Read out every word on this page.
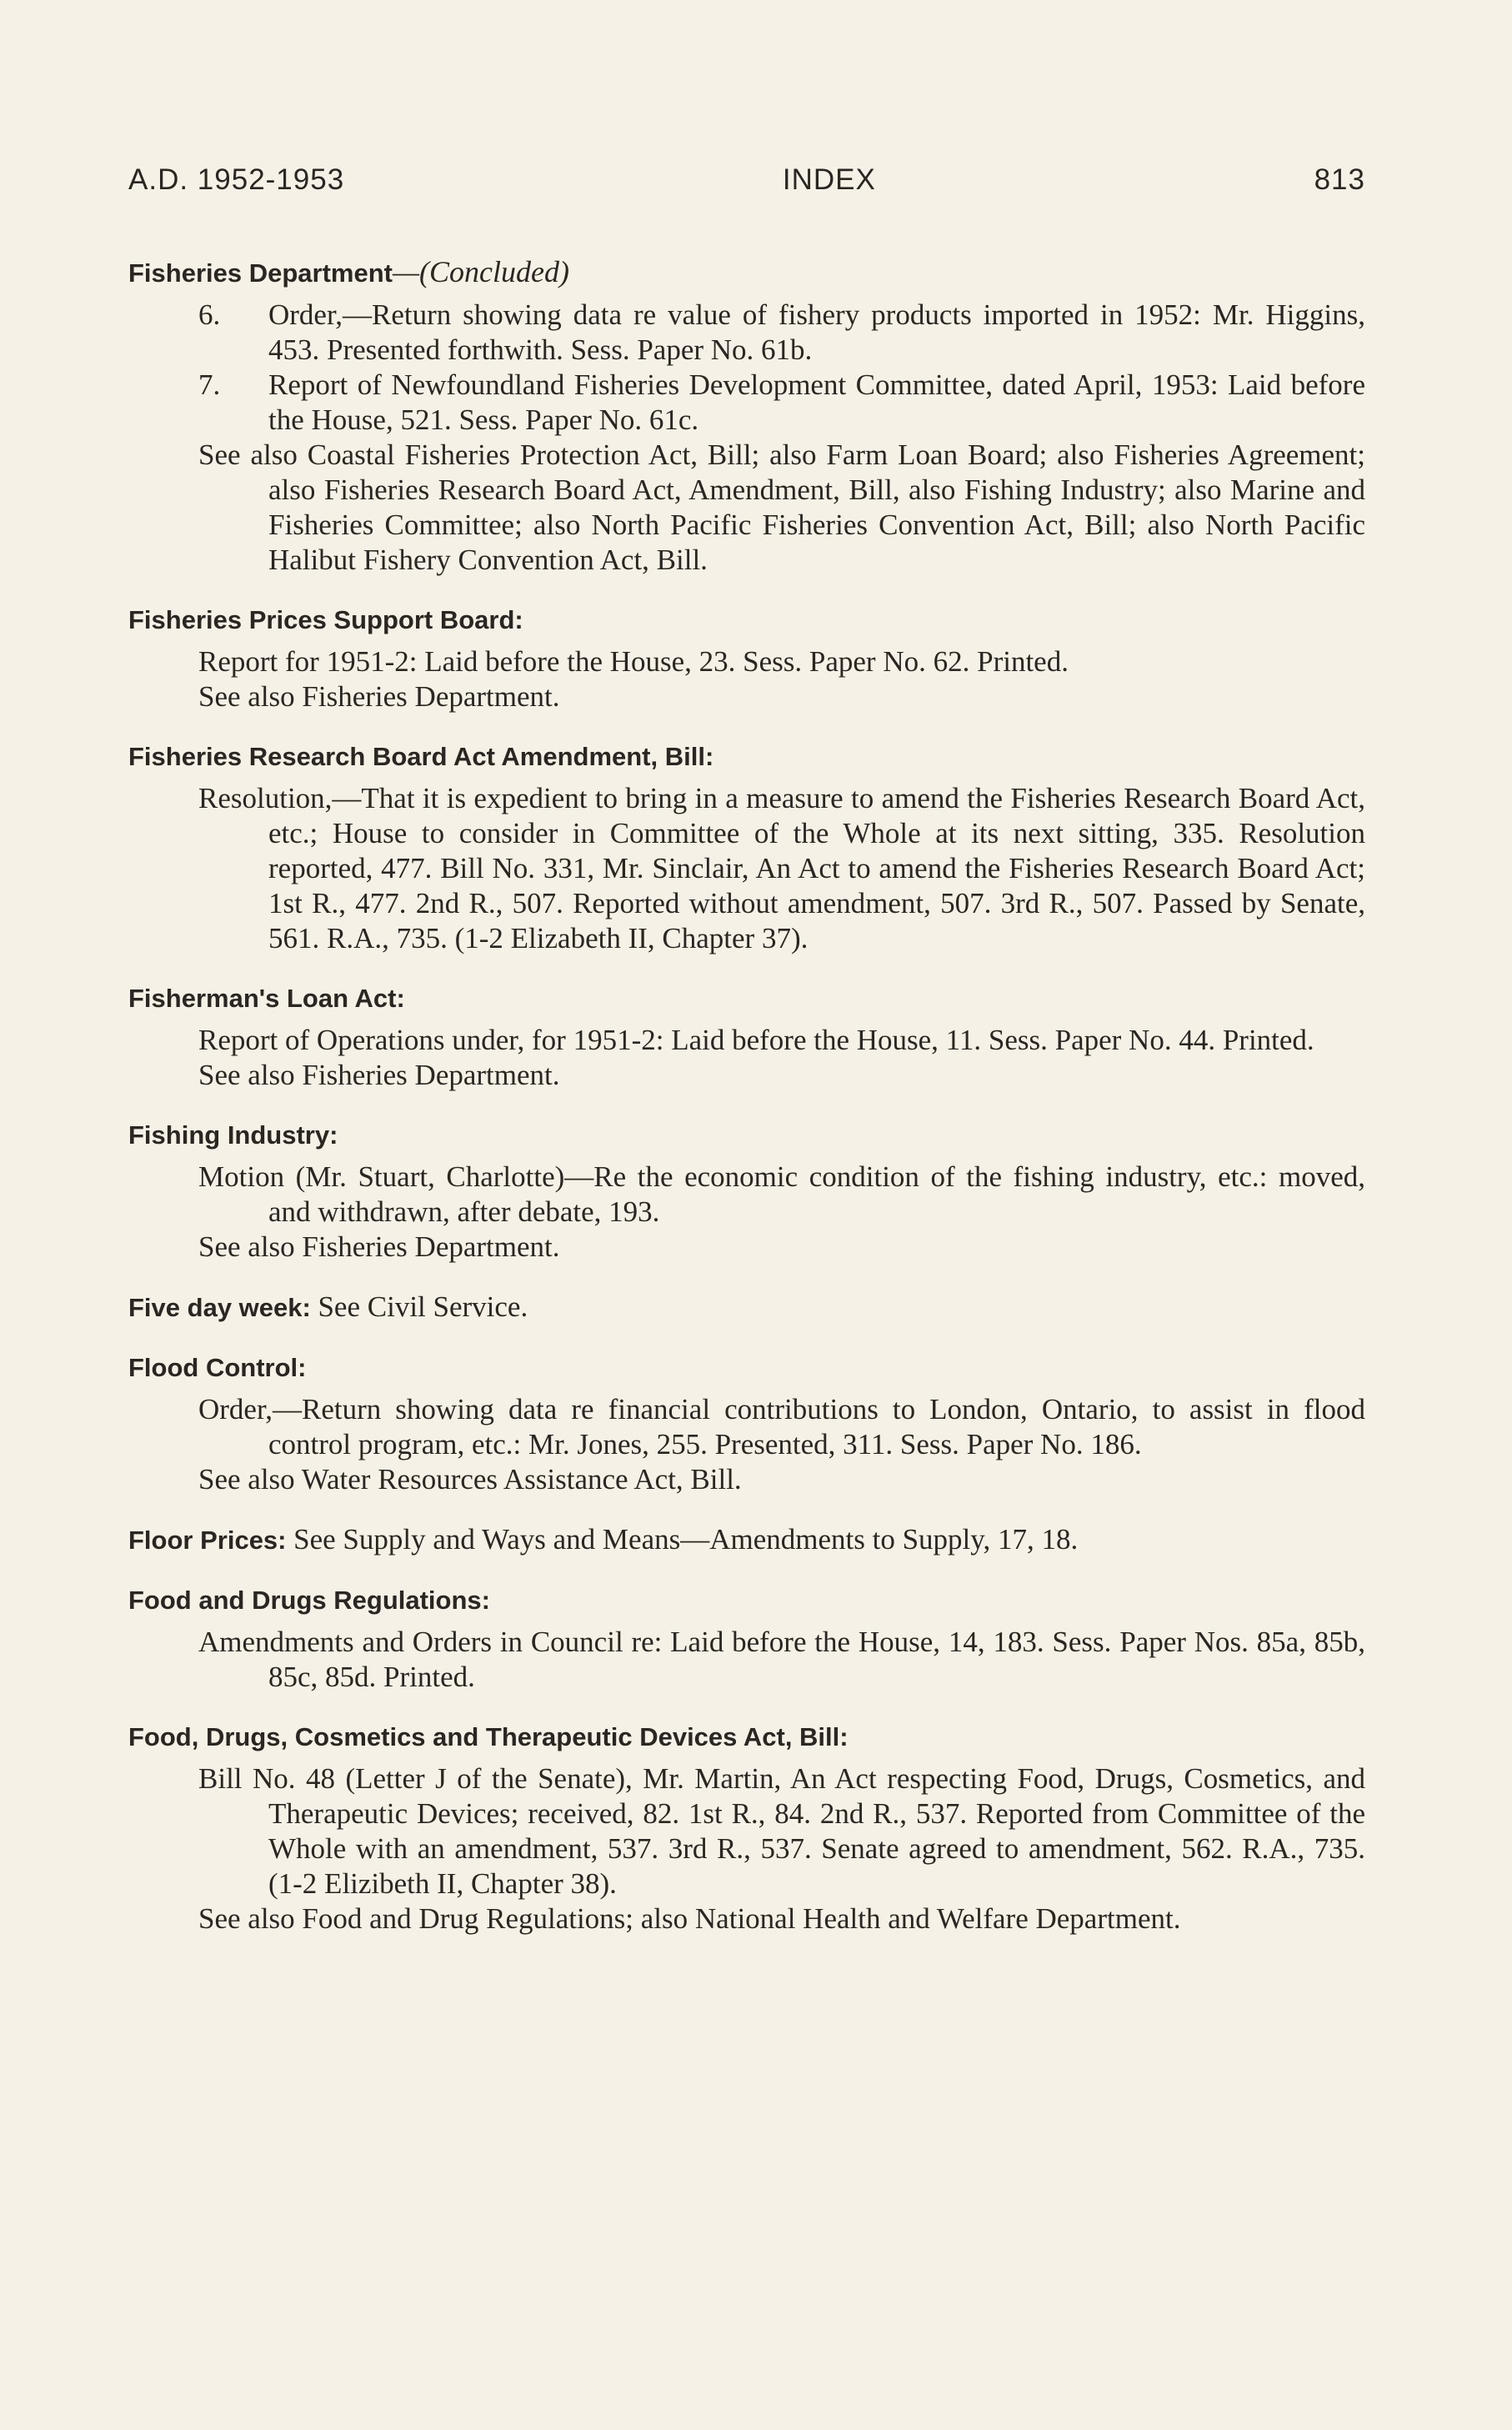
A.D. 1952-1953	INDEX	813
Fisheries Department—(Concluded)
6. Order,—Return showing data re value of fishery products imported in 1952: Mr. Higgins, 453. Presented forthwith. Sess. Paper No. 61b.
7. Report of Newfoundland Fisheries Development Committee, dated April, 1953: Laid before the House, 521. Sess. Paper No. 61c.
See also Coastal Fisheries Protection Act, Bill; also Farm Loan Board; also Fisheries Agreement; also Fisheries Research Board Act, Amendment, Bill, also Fishing Industry; also Marine and Fisheries Committee; also North Pacific Fisheries Convention Act, Bill; also North Pacific Halibut Fishery Convention Act, Bill.
Fisheries Prices Support Board:
Report for 1951-2: Laid before the House, 23. Sess. Paper No. 62. Printed.
See also Fisheries Department.
Fisheries Research Board Act Amendment, Bill:
Resolution,—That it is expedient to bring in a measure to amend the Fisheries Research Board Act, etc.; House to consider in Committee of the Whole at its next sitting, 335. Resolution reported, 477. Bill No. 331, Mr. Sinclair, An Act to amend the Fisheries Research Board Act; 1st R., 477. 2nd R., 507. Reported without amendment, 507. 3rd R., 507. Passed by Senate, 561. R.A., 735. (1-2 Elizabeth II, Chapter 37).
Fisherman's Loan Act:
Report of Operations under, for 1951-2: Laid before the House, 11. Sess. Paper No. 44. Printed.
See also Fisheries Department.
Fishing Industry:
Motion (Mr. Stuart, Charlotte)—Re the economic condition of the fishing industry, etc.: moved, and withdrawn, after debate, 193.
See also Fisheries Department.
Five day week: See Civil Service.
Flood Control:
Order,—Return showing data re financial contributions to London, Ontario, to assist in flood control program, etc.: Mr. Jones, 255. Presented, 311. Sess. Paper No. 186.
See also Water Resources Assistance Act, Bill.
Floor Prices: See Supply and Ways and Means—Amendments to Supply, 17, 18.
Food and Drugs Regulations:
Amendments and Orders in Council re: Laid before the House, 14, 183. Sess. Paper Nos. 85a, 85b, 85c, 85d. Printed.
Food, Drugs, Cosmetics and Therapeutic Devices Act, Bill:
Bill No. 48 (Letter J of the Senate), Mr. Martin, An Act respecting Food, Drugs, Cosmetics, and Therapeutic Devices; received, 82. 1st R., 84. 2nd R., 537. Reported from Committee of the Whole with an amendment, 537. 3rd R., 537. Senate agreed to amendment, 562. R.A., 735. (1-2 Elizibeth II, Chapter 38).
See also Food and Drug Regulations; also National Health and Welfare Department.
